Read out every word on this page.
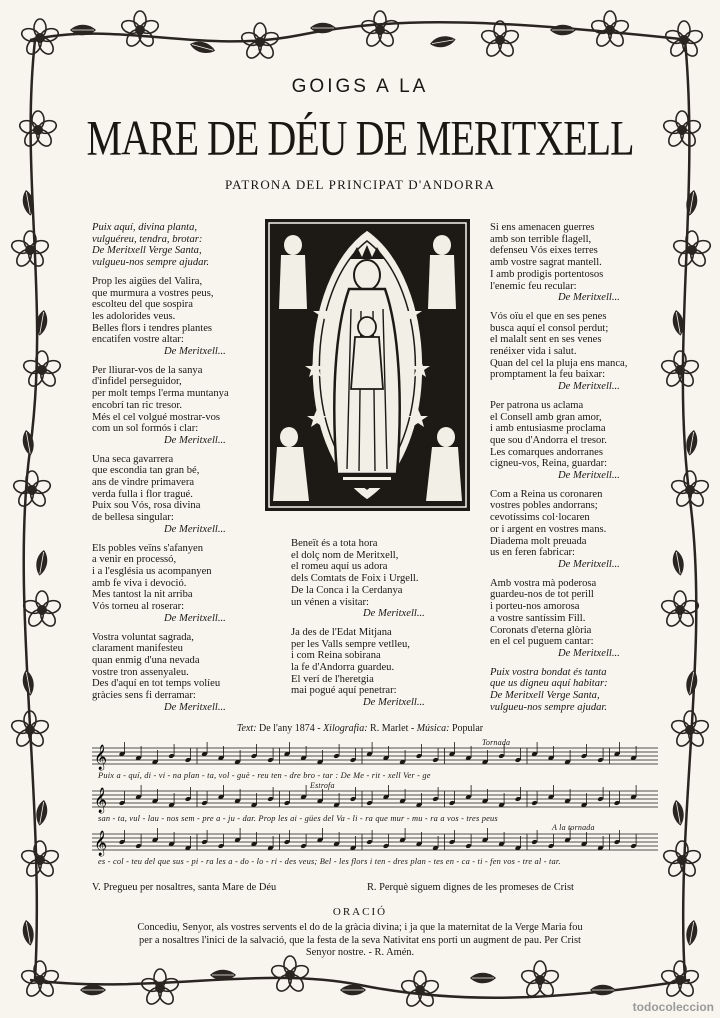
GOIGS A LA
MARE DE DÉU DE MERITXELL
PATRONA DEL PRINCIPAT D'ANDORRA
Puix aquí, divina planta,
vulguéreu, tendra, brotar:
De Meritxell Verge Santa,
vulgueu-nos sempre ajudar.
Prop les aigües del Valira,
que murmura a vostres peus,
escolteu del que sospira
les adolorides veus.
Belles flors i tendres plantes
encatifen vostre altar:
De Meritxell...
Per lliurar-vos de la sanya
d'infidel perseguidor,
per molt temps l'erma muntanya
encobrí tan ric tresor.
Més el cel volgué mostrar-vos
com un sol formós i clar:
De Meritxell...
Una seca gavarrera
que escondia tan gran bé,
ans de vindre primavera
verda fulla i flor tragué.
Puix sou Vós, rosa divina
de bellesa singular:
De Meritxell...
Els pobles veïns s'afanyen
a venir en processó,
i a l'església us acompanyen
amb fe viva i devoció.
Mes tantost la nit arriba
Vós torneu al roserar:
De Meritxell...
Vostra voluntat sagrada,
clarament manifesteu
quan enmig d'una nevada
vostre tron assenyaleu.
Des d'aquí en tot temps volíeu
gràcies sens fi derramar:
De Meritxell...
Beneït és a tota hora
el dolç nom de Meritxell,
el romeu aquí us adora
dels Comtats de Foix i Urgell.
De la Conca i la Cerdanya
un vénen a visitar:
De Meritxell...
Ja des de l'Edat Mitjana
per les Valls sempre vetlleu,
i com Reina sobirana
la fe d'Andorra guardeu.
El verí de l'heretgia
mai pogué aquí penetrar:
De Meritxell...
Si ens amenacen guerres
amb son terrible flagell,
defenseu Vós eixes terres
amb vostre sagrat mantell.
I amb prodigis portentosos
l'enemic feu recular:
De Meritxell...
Vós oïu el que en ses penes
busca aquí el consol perdut;
el malalt sent en ses venes
renéixer vida i salut.
Quan del cel la pluja ens manca,
promptament la feu baixar:
De Meritxell...
Per patrona us aclama
el Consell amb gran amor,
i amb entusiasme proclama
que sou d'Andorra el tresor.
Les comarques andorranes
cigneu-vos, Reina, guardar:
De Meritxell...
Com a Reina us coronaren
vostres pobles andorrans;
cevotíssims col·locaren
or i argent en vostres mans.
Diadema molt preuada
us en feren fabricar:
De Meritxell...
Amb vostra mà poderosa
guardeu-nos de tot perill
i porteu-nos amorosa
a vostre santíssim Fill.
Coronats d'eterna glòria
en el cel puguem cantar:
De Meritxell...
Puix vostra bondat és tanta
que us digneu aquí habitar:
De Meritxell Verge Santa,
vulgueu-nos sempre ajudar.
Text: De l'any 1874 - Xilografia: R. Marlet - Música: Popular
𝄞
𝄞
𝄞
Puix a - quí, di - vi - na plan - ta, vol - guè - reu ten - dre bro - tar : De Me - rit - xell Ver - ge
san - ta, vul - lau - nos sem - pre a - ju - dar. Prop les ai - gües del Va - li - ra que mur - mu - ra a vos - tres peus
es - col - teu del que sus - pi - ra les a - do - lo - ri - des veus; Bel - les flors i ten - dres plan - tes en - ca - ti - fen vos - tre al - tar.
Tornada
Estrofa
A la tornada
V. Pregueu per nosaltres, santa Mare de Déu	R. Perquè siguem dignes de les promeses de Crist
ORACIÓ
Concediu, Senyor, als vostres servents el do de la gràcia divina; i ja que la maternitat de la Verge Maria fou
per a nosaltres l'inici de la salvació, que la festa de la seva Nativitat ens porti un augment de pau. Per Crist
Senyor nostre. - R. Amén.
todocoleccion
